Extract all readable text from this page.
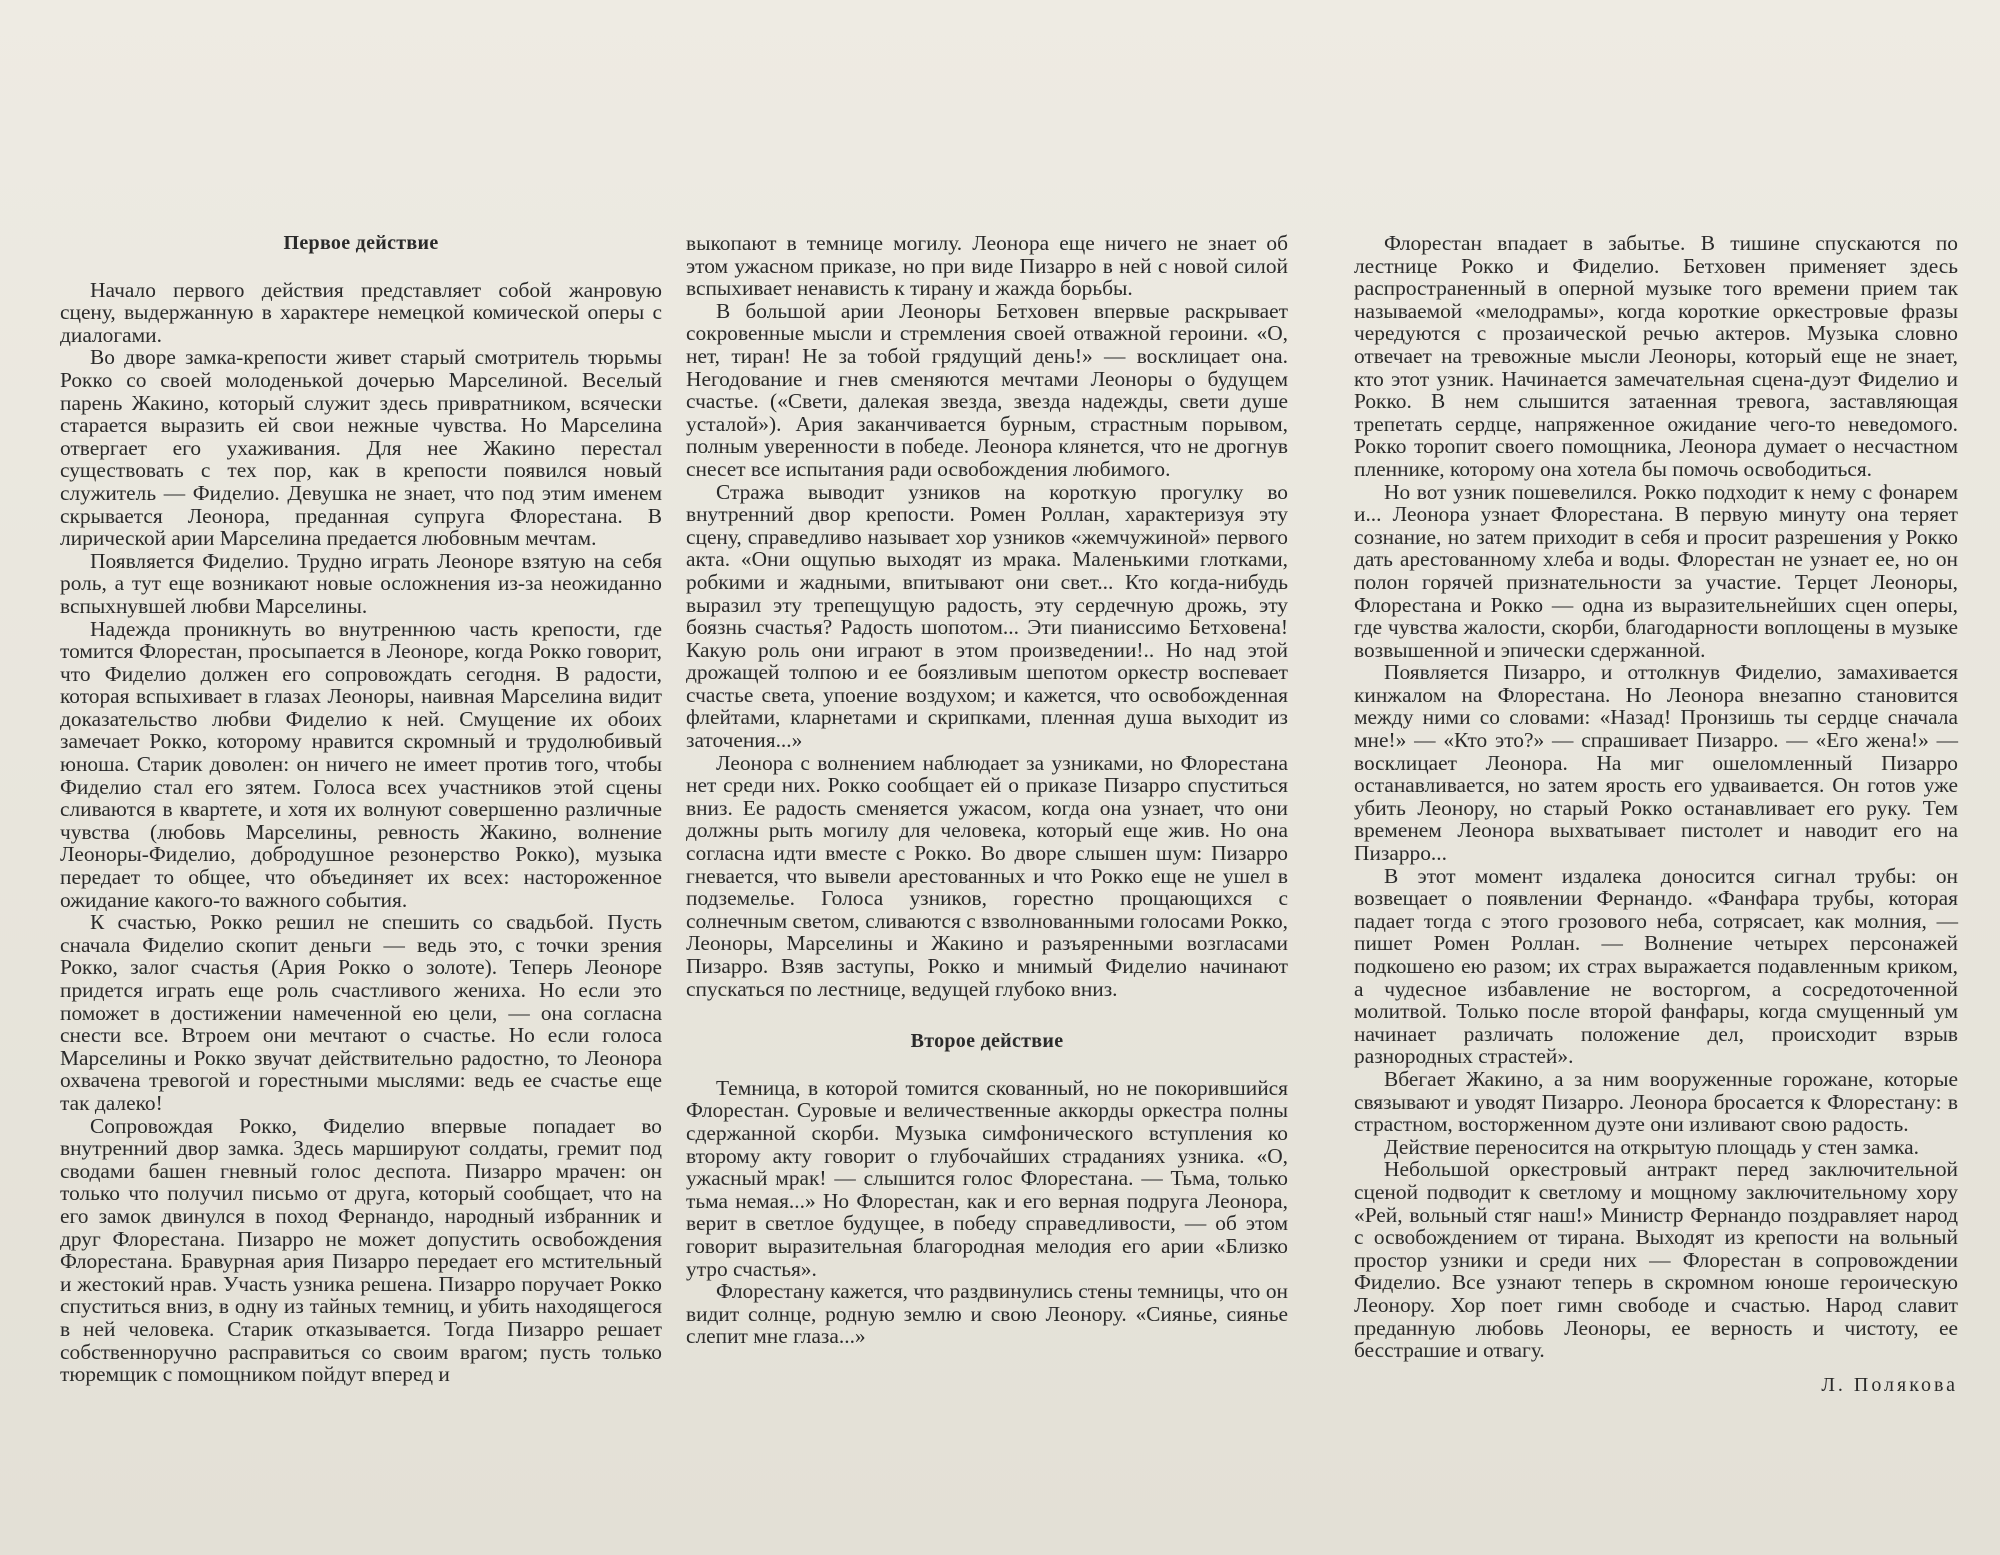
Первое действие

Начало первого действия представляет собой жанровую сцену, выдержанную в характере немецкой комической оперы с диалогами.

Во дворе замка-крепости живет старый смотритель тюрьмы Рокко со своей молоденькой дочерью Марселиной. Веселый парень Жакино, который служит здесь привратником, всячески старается выразить ей свои нежные чувства. Но Марселина отвергает его ухаживания. Для нее Жакино перестал существовать с тех пор, как в крепости появился новый служитель — Фиделио. Девушка не знает, что под этим именем скрывается Леонора, преданная супруга Флорестана. В лирической арии Марселина предается любовным мечтам.

Появляется Фиделио. Трудно играть Леоноре взятую на себя роль, а тут еще возникают новые осложнения из-за неожиданно вспыхнувшей любви Марселины.

Надежда проникнуть во внутреннюю часть крепости, где томится Флорестан, просыпается в Леоноре, когда Рокко говорит, что Фиделио должен его сопровождать сегодня. В радости, которая вспыхивает в глазах Леоноры, наивная Марселина видит доказательство любви Фиделио к ней. Смущение их обоих замечает Рокко, которому нравится скромный и трудолюбивый юноша. Старик доволен: он ничего не имеет против того, чтобы Фиделио стал его зятем. Голоса всех участников этой сцены сливаются в квартете, и хотя их волнуют совершенно различные чувства (любовь Марселины, ревность Жакино, волнение Леоноры-Фиделио, добродушное резонерство Рокко), музыка передает то общее, что объединяет их всех: настороженное ожидание какого-то важного события.

К счастью, Рокко решил не спешить со свадьбой. Пусть сначала Фиделио скопит деньги — ведь это, с точки зрения Рокко, залог счастья (Ария Рокко о золоте). Теперь Леоноре придется играть еще роль счастливого жениха. Но если это поможет в достижении намеченной ею цели, — она согласна снести все. Втроем они мечтают о счастье. Но если голоса Марселины и Рокко звучат действительно радостно, то Леонора охвачена тревогой и горестными мыслями: ведь ее счастье еще так далеко!

Сопровождая Рокко, Фиделио впервые попадает во внутренний двор замка. Здесь маршируют солдаты, гремит под сводами башен гневный голос деспота. Пизарро мрачен: он только что получил письмо от друга, который сообщает, что на его замок двинулся в поход Фернандо, народный избранник и друг Флорестана. Пизарро не может допустить освобождения Флорестана. Бравурная ария Пизарро передает его мстительный и жестокий нрав. Участь узника решена. Пизарро поручает Рокко спуститься вниз, в одну из тайных темниц, и убить находящегося в ней человека. Старик отказывается. Тогда Пизарро решает собственноручно расправиться со своим врагом; пусть только тюремщик с помощником пойдут вперед и

выкопают в темнице могилу. Леонора еще ничего не знает об этом ужасном приказе, но при виде Пизарро в ней с новой силой вспыхивает ненависть к тирану и жажда борьбы.

В большой арии Леоноры Бетховен впервые раскрывает сокровенные мысли и стремления своей отважной героини. «О, нет, тиран! Не за тобой грядущий день!» — восклицает она. Негодование и гнев сменяются мечтами Леоноры о будущем счастье. («Свети, далекая звезда, звезда надежды, свети душе усталой»). Ария заканчивается бурным, страстным порывом, полным уверенности в победе. Леонора клянется, что не дрогнув снесет все испытания ради освобождения любимого.

Стража выводит узников на короткую прогулку во внутренний двор крепости. Ромен Роллан, характеризуя эту сцену, справедливо называет хор узников «жемчужиной» первого акта. «Они ощупью выходят из мрака. Маленькими глотками, робкими и жадными, впитывают они свет... Кто когда-нибудь выразил эту трепещущую радость, эту сердечную дрожь, эту боязнь счастья? Радость шопотом... Эти пианиссимо Бетховена! Какую роль они играют в этом произведении!.. Но над этой дрожащей толпою и ее боязливым шепотом оркестр воспевает счастье света, упоение воздухом; и кажется, что освобожденная флейтами, кларнетами и скрипками, пленная душа выходит из заточения...»

Леонора с волнением наблюдает за узниками, но Флорестана нет среди них. Рокко сообщает ей о приказе Пизарро спуститься вниз. Ее радость сменяется ужасом, когда она узнает, что они должны рыть могилу для человека, который еще жив. Но она согласна идти вместе с Рокко. Во дворе слышен шум: Пизарро гневается, что вывели арестованных и что Рокко еще не ушел в подземелье. Голоса узников, горестно прощающихся с солнечным светом, сливаются с взволнованными голосами Рокко, Леоноры, Марселины и Жакино и разъяренными возгласами Пизарро. Взяв заступы, Рокко и мнимый Фиделио начинают спускаться по лестнице, ведущей глубоко вниз.

Второе действие

Темница, в которой томится скованный, но не покорившийся Флорестан. Суровые и величественные аккорды оркестра полны сдержанной скорби. Музыка симфонического вступления ко второму акту говорит о глубочайших страданиях узника. «О, ужасный мрак! — слышится голос Флорестана. — Тьма, только тьма немая...» Но Флорестан, как и его верная подруга Леонора, верит в светлое будущее, в победу справедливости, — об этом говорит выразительная благородная мелодия его арии «Близко утро счастья».

Флорестану кажется, что раздвинулись стены темницы, что он видит солнце, родную землю и свою Леонору. «Сиянье, сиянье слепит мне глаза...»

Флорестан впадает в забытье. В тишине спускаются по лестнице Рокко и Фиделио. Бетховен применяет здесь распространенный в оперной музыке того времени прием так называемой «мелодрамы», когда короткие оркестровые фразы чередуются с прозаической речью актеров. Музыка словно отвечает на тревожные мысли Леоноры, который еще не знает, кто этот узник. Начинается замечательная сцена-дуэт Фиделио и Рокко. В нем слышится затаенная тревога, заставляющая трепетать сердце, напряженное ожидание чего-то неведомого. Рокко торопит своего помощника, Леонора думает о несчастном пленнике, которому она хотела бы помочь освободиться.

Но вот узник пошевелился. Рокко подходит к нему с фонарем и... Леонора узнает Флорестана. В первую минуту она теряет сознание, но затем приходит в себя и просит разрешения у Рокко дать арестованному хлеба и воды. Флорестан не узнает ее, но он полон горячей признательности за участие. Терцет Леоноры, Флорестана и Рокко — одна из выразительнейших сцен оперы, где чувства жалости, скорби, благодарности воплощены в музыке возвышенной и эпически сдержанной.

Появляется Пизарро, и оттолкнув Фиделио, замахивается кинжалом на Флорестана. Но Леонора внезапно становится между ними со словами: «Назад! Пронзишь ты сердце сначала мне!» — «Кто это?» — спрашивает Пизарро. — «Его жена!» — восклицает Леонора. На миг ошеломленный Пизарро останавливается, но затем ярость его удваивается. Он готов уже убить Леонору, но старый Рокко останавливает его руку. Тем временем Леонора выхватывает пистолет и наводит его на Пизарро...

В этот момент издалека доносится сигнал трубы: он возвещает о появлении Фернандо. «Фанфара трубы, которая падает тогда с этого грозового неба, сотрясает, как молния, — пишет Ромен Роллан. — Волнение четырех персонажей подкошено ею разом; их страх выражается подавленным криком, а чудесное избавление не восторгом, а сосредоточенной молитвой. Только после второй фанфары, когда смущенный ум начинает различать положение дел, происходит взрыв разнородных страстей».

Вбегает Жакино, а за ним вооруженные горожане, которые связывают и уводят Пизарро. Леонора бросается к Флорестану: в страстном, восторженном дуэте они изливают свою радость.

Действие переносится на открытую площадь у стен замка.

Небольшой оркестровый антракт перед заключительной сценой подводит к светлому и мощному заключительному хору «Рей, вольный стяг наш!» Министр Фернандо поздравляет народ с освобождением от тирана. Выходят из крепости на вольный простор узники и среди них — Флорестан в сопровождении Фиделио. Все узнают теперь в скромном юноше героическую Леонору. Хор поет гимн свободе и счастью. Народ славит преданную любовь Леоноры, ее верность и чистоту, ее бесстрашие и отвагу.

Л. Полякова
